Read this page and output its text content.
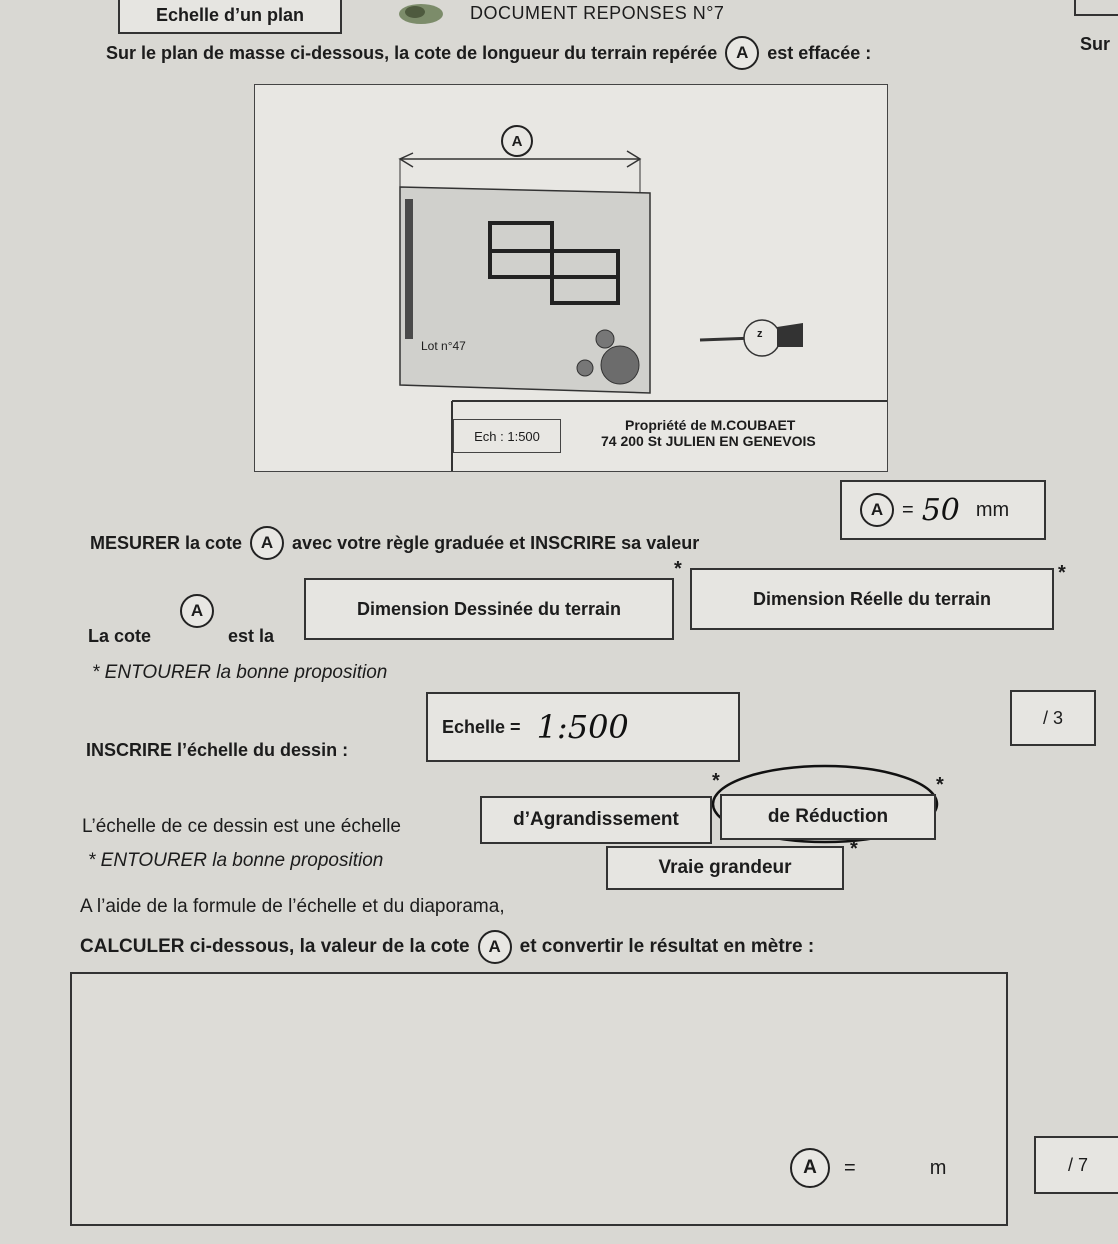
Echelle d’un plan	DOCUMENT REPONSES N°7
Sur
Sur le plan de masse ci-dessous, la cote de longueur du terrain repérée	A	est effacée :
A
Lot n°47
z
Ech : 1:500
Propriété de M.COUBAET
74 200 St JULIEN EN GENEVOIS
MESURER la cote	A	avec votre règle graduée et INSCRIRE sa valeur
A = 50 mm
*	*
La cote
A
est la
Dimension Dessinée du terrain	Dimension Réelle du terrain
* ENTOURER la bonne proposition
INSCRIRE l’échelle du dessin :
Echelle = 1:500	/ 3
*	*
L’échelle de ce dessin est une échelle	d’Agrandissement	de Réduction
*
Vraie grandeur
* ENTOURER la bonne proposition
A l’aide de la formule de l’échelle et du diaporama,
CALCULER ci-dessous, la valeur de la cote	A et convertir le résultat en mètre :
A	=	m	/ 7
